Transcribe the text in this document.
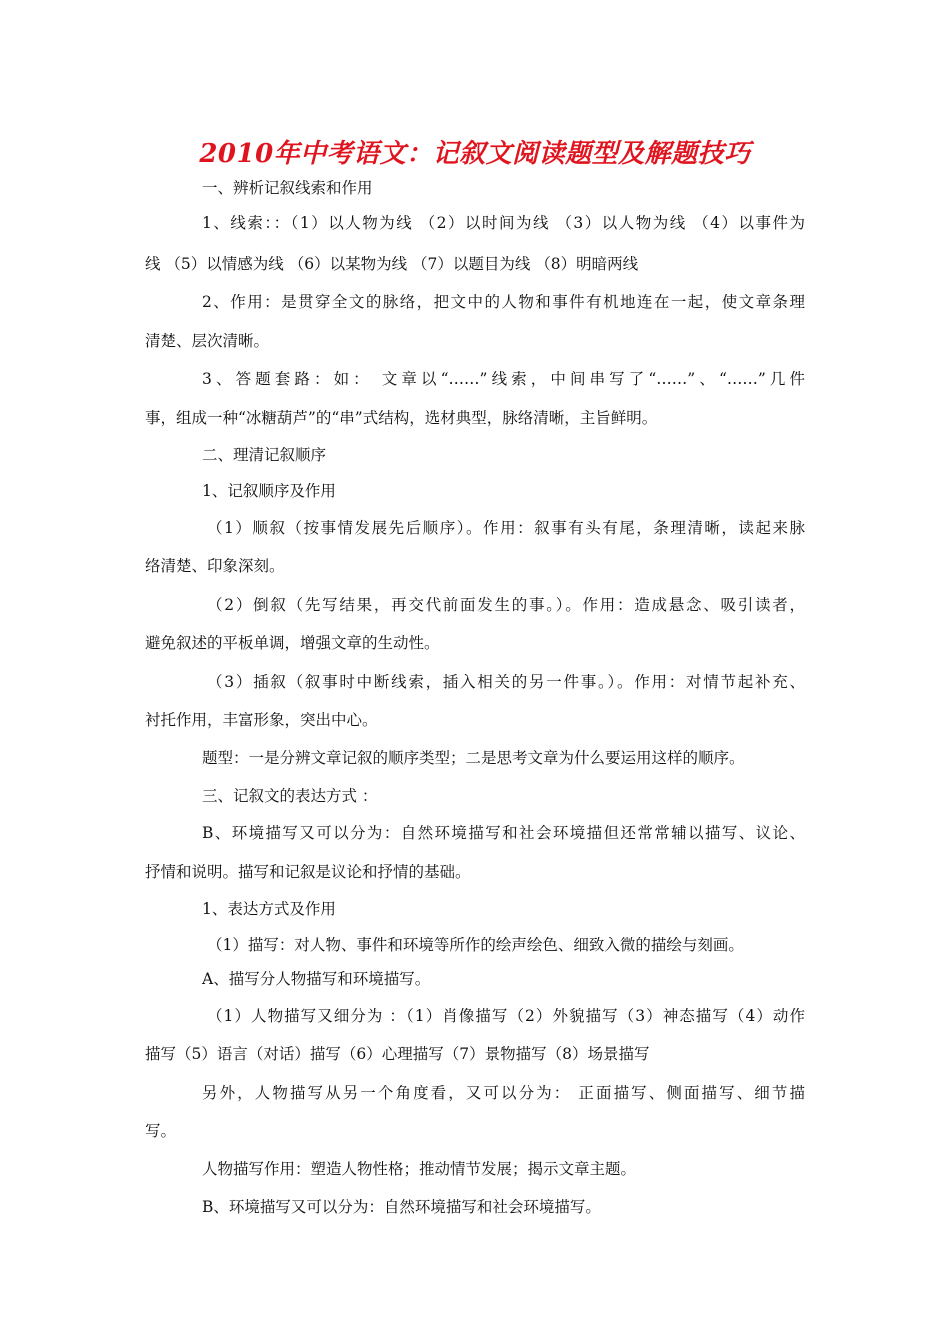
2010年中考语文：记叙文阅读题型及解题技巧
一、辨析记叙线索和作用
1、线索：：（1）以人物为线 （2）以时间为线 （3）以人物为线 （4）以事件为
线 （5）以情感为线 （6）以某物为线 （7）以题目为线 （8）明暗两线
2、作用：是贯穿全文的脉络，把文中的人物和事件有机地连在一起，使文章条理
清楚、层次清晰。
3、答题套路：如： 文章以“……”线索，中间串写了“……”、“……”几件
事，组成一种“冰糖葫芦”的“串”式结构，选材典型，脉络清晰，主旨鲜明。
二、理清记叙顺序
1、记叙顺序及作用
（1）顺叙（按事情发展先后顺序）。作用：叙事有头有尾，条理清晰，读起来脉
络清楚、印象深刻。
（2）倒叙（先写结果，再交代前面发生的事。）。作用：造成悬念、吸引读者，
避免叙述的平板单调，增强文章的生动性。
（3）插叙（叙事时中断线索，插入相关的另一件事。）。作用：对情节起补充、
衬托作用，丰富形象，突出中心。
题型：一是分辨文章记叙的顺序类型；二是思考文章为什么要运用这样的顺序。
三、记叙文的表达方式 ：
B、环境描写又可以分为：自然环境描写和社会环境描但还常常辅以描写、议论、
抒情和说明。描写和记叙是议论和抒情的基础。
1、表达方式及作用
（1）描写：对人物、事件和环境等所作的绘声绘色、细致入微的描绘与刻画。
A、描写分人物描写和环境描写。
（1）人物描写又细分为 ：（1）肖像描写（2）外貌描写（3）神态描写（4）动作
描写（5）语言（对话）描写（6）心理描写（7）景物描写（8）场景描写
另外，人物描写从另一个角度看，又可以分为： 正面描写、侧面描写、细节描
写。
人物描写作用：塑造人物性格；推动情节发展；揭示文章主题。
B、环境描写又可以分为：自然环境描写和社会环境描写。
